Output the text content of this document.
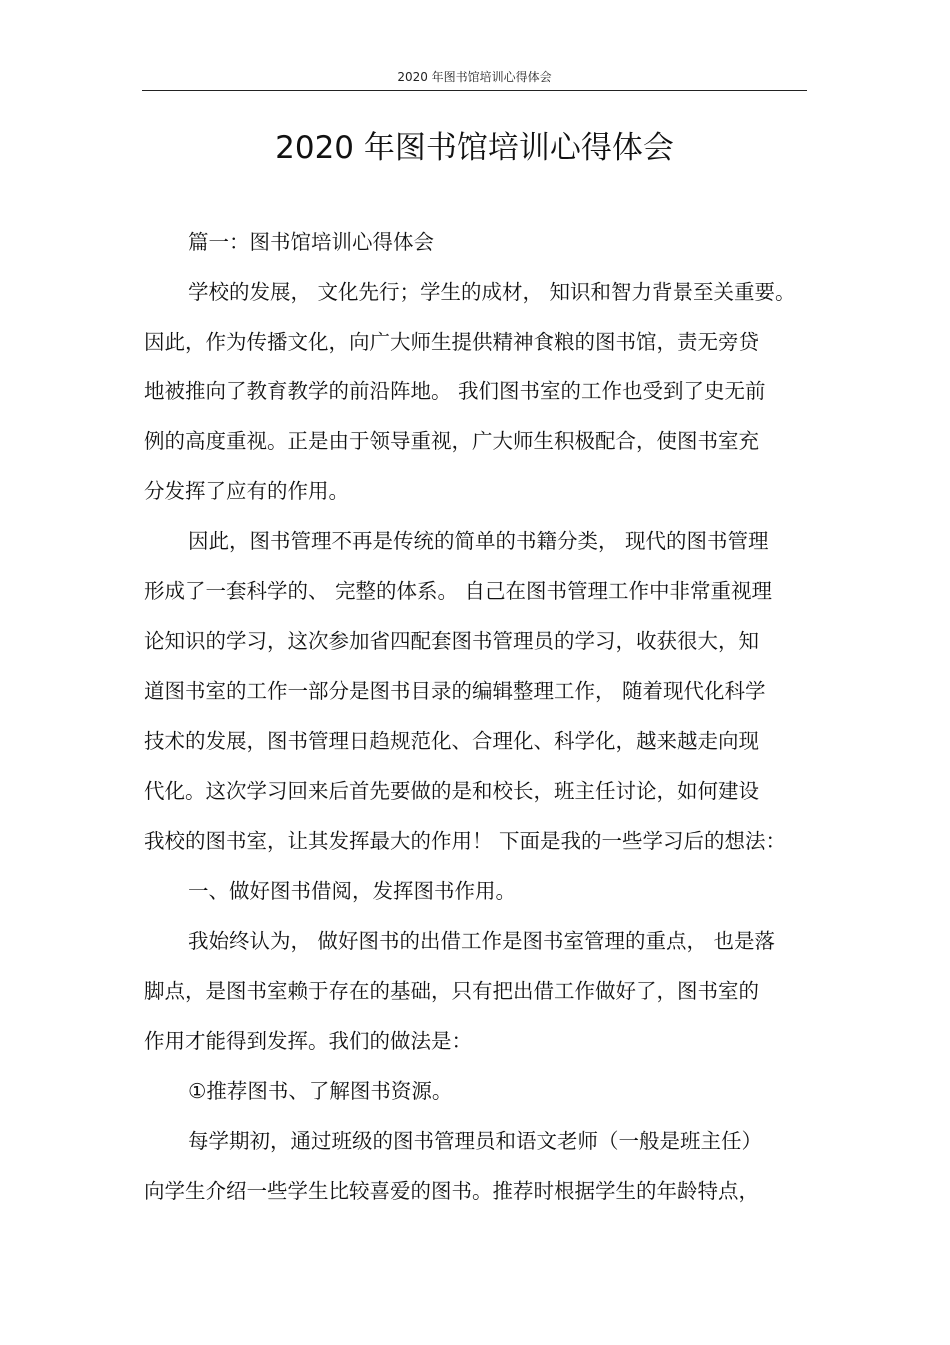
2020 年图书馆培训心得体会
2020 年图书馆培训心得体会
篇一：图书馆培训心得体会
学校的发展， 文化先行；学生的成材， 知识和智力背景至关重要。
因此，作为传播文化，向广大师生提供精神食粮的图书馆，责无旁贷
地被推向了教育教学的前沿阵地。 我们图书室的工作也受到了史无前
例的高度重视。正是由于领导重视，广大师生积极配合，使图书室充
分发挥了应有的作用。
因此，图书管理不再是传统的简单的书籍分类， 现代的图书管理
形成了一套科学的、 完整的体系。 自己在图书管理工作中非常重视理
论知识的学习，这次参加省四配套图书管理员的学习，收获很大，知
道图书室的工作一部分是图书目录的编辑整理工作， 随着现代化科学
技术的发展，图书管理日趋规范化、合理化、科学化，越来越走向现
代化。这次学习回来后首先要做的是和校长，班主任讨论，如何建设
我校的图书室，让其发挥最大的作用！ 下面是我的一些学习后的想法：
一、做好图书借阅，发挥图书作用。
我始终认为， 做好图书的出借工作是图书室管理的重点， 也是落
脚点，是图书室赖于存在的基础，只有把出借工作做好了，图书室的
作用才能得到发挥。我们的做法是：
①推荐图书、了解图书资源。
每学期初，通过班级的图书管理员和语文老师（一般是班主任）
向学生介绍一些学生比较喜爱的图书。推荐时根据学生的年龄特点，
